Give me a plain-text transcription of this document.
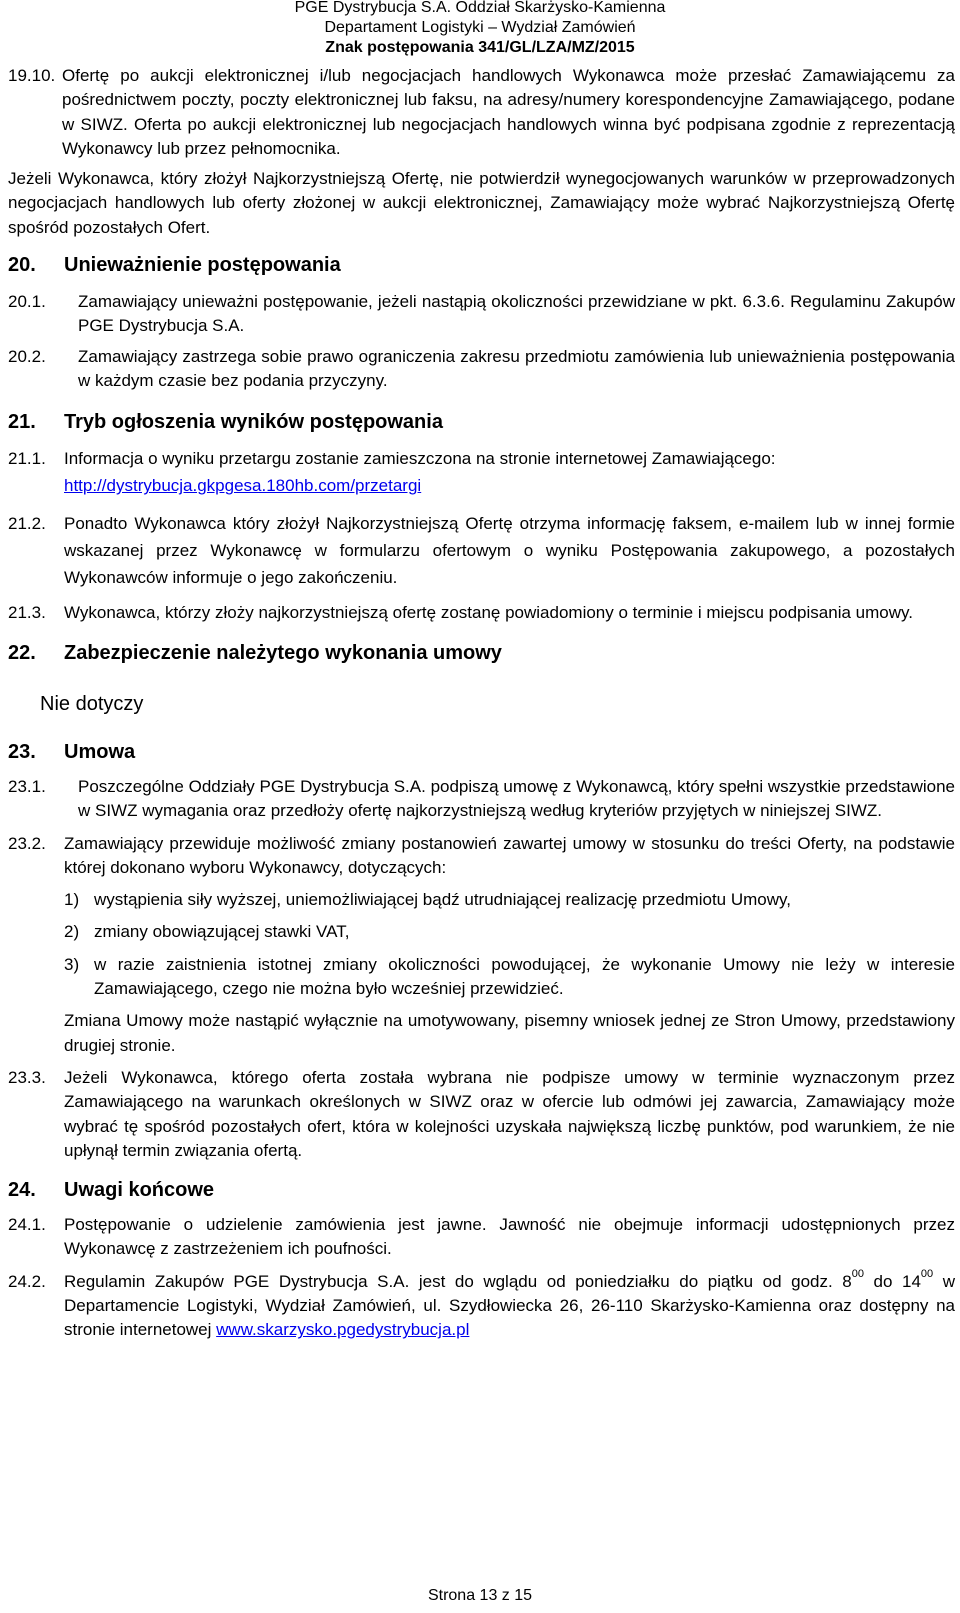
PGE Dystrybucja S.A. Oddział Skarżysko-Kamienna
Departament Logistyki – Wydział Zamówień
Znak postępowania 341/GL/LZA/MZ/2015
19.10. Ofertę po aukcji elektronicznej i/lub negocjacjach handlowych Wykonawca może przesłać Zamawiającemu za pośrednictwem poczty, poczty elektronicznej lub faksu, na adresy/numery korespondencyjne Zamawiającego, podane w SIWZ. Oferta po aukcji elektronicznej lub negocjacjach handlowych winna być podpisana zgodnie z reprezentacją Wykonawcy lub przez pełnomocnika.
Jeżeli Wykonawca, który złożył Najkorzystniejszą Ofertę, nie potwierdził wynegocjowanych warunków w przeprowadzonych negocjacjach handlowych lub oferty złożonej w aukcji elektronicznej, Zamawiający może wybrać Najkorzystniejszą Ofertę spośród pozostałych Ofert.
20.	Unieważnienie postępowania
20.1.	Zamawiający unieważni postępowanie, jeżeli nastąpią okoliczności przewidziane w pkt. 6.3.6. Regulaminu Zakupów PGE Dystrybucja S.A.
20.2.	Zamawiający zastrzega sobie prawo ograniczenia zakresu przedmiotu zamówienia lub unieważnienia postępowania w każdym czasie bez podania przyczyny.
21.	Tryb ogłoszenia wyników postępowania
21.1.	Informacja o wyniku przetargu zostanie zamieszczona na stronie internetowej Zamawiającego:
http://dystrybucja.gkpgesa.180hb.com/przetargi
21.2.	Ponadto Wykonawca który złożył Najkorzystniejszą Ofertę otrzyma informację faksem, e-mailem lub w innej formie wskazanej przez Wykonawcę w formularzu ofertowym o wyniku Postępowania zakupowego, a pozostałych Wykonawców informuje o jego zakończeniu.
21.3.	Wykonawca, którzy złoży najkorzystniejszą ofertę zostanę powiadomiony o terminie i miejscu podpisania umowy.
22.	Zabezpieczenie należytego wykonania umowy
Nie dotyczy
23.	Umowa
23.1.	Poszczególne Oddziały PGE Dystrybucja S.A. podpiszą umowę z Wykonawcą, który spełni wszystkie przedstawione w SIWZ wymagania oraz przedłoży ofertę najkorzystniejszą według kryteriów przyjętych w niniejszej SIWZ.
23.2.	Zamawiający przewiduje możliwość zmiany postanowień zawartej umowy w stosunku do treści Oferty, na podstawie której dokonano wyboru Wykonawcy, dotyczących:
1) wystąpienia siły wyższej, uniemożliwiającej bądź utrudniającej realizację przedmiotu Umowy,
2) zmiany obowiązującej stawki VAT,
3) w razie zaistnienia istotnej zmiany okoliczności powodującej, że wykonanie Umowy nie leży w interesie Zamawiającego, czego nie można było wcześniej przewidzieć.
Zmiana Umowy może nastąpić wyłącznie na umotywowany, pisemny wniosek jednej ze Stron Umowy, przedstawiony drugiej stronie.
23.3.	Jeżeli Wykonawca, którego oferta została wybrana nie podpisze umowy w terminie wyznaczonym przez Zamawiającego na warunkach określonych w SIWZ oraz w ofercie lub odmówi jej zawarcia, Zamawiający może wybrać tę spośród pozostałych ofert, która w kolejności uzyskała największą liczbę punktów, pod warunkiem, że nie upłynął termin związania ofertą.
24.	Uwagi końcowe
24.1.	Postępowanie o udzielenie zamówienia jest jawne. Jawność nie obejmuje informacji udostępnionych przez Wykonawcę z zastrzeżeniem ich poufności.
24.2.	Regulamin Zakupów PGE Dystrybucja S.A. jest do wglądu od poniedziałku do piątku od godz. $8^{00}$ do $14^{00}$ w Departamencie Logistyki, Wydział Zamówień, ul. Szydłowiecka 26, 26-110 Skarżysko-Kamienna oraz dostępny na stronie internetowej www.skarzysko.pgedystrybucja.pl
Strona 13 z 15
